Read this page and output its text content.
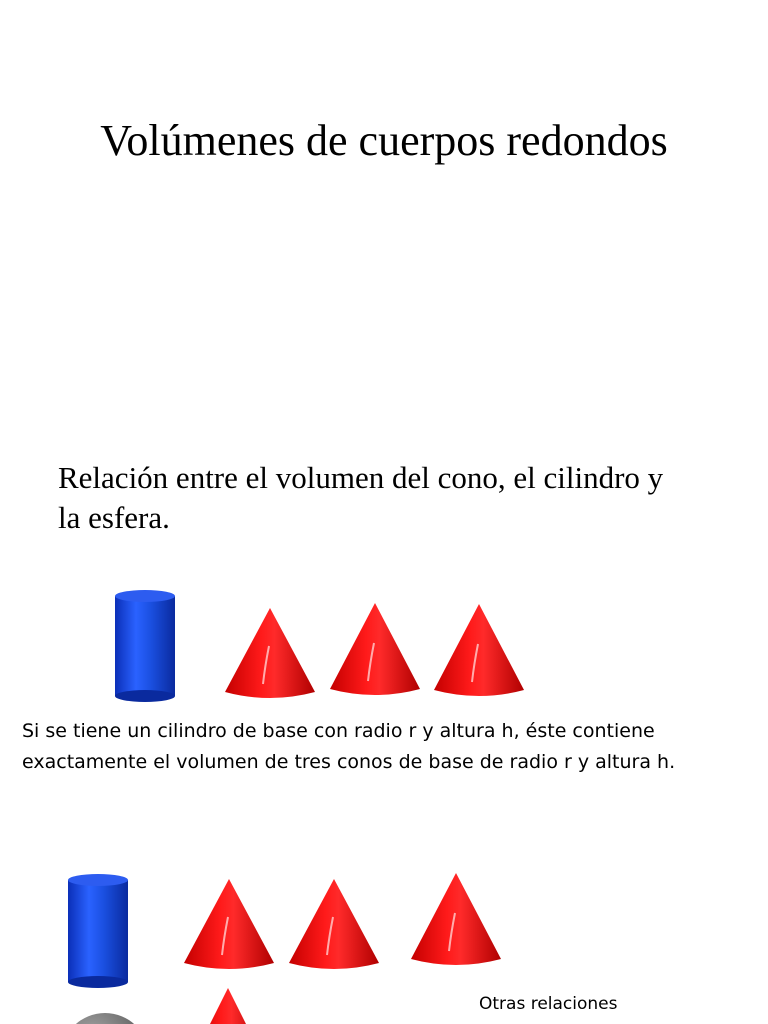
Volúmenes de cuerpos redondos

Relación entre el volumen del cono, el cilindro y la esfera.

Si se tiene un cilindro de base con radio r y altura h, éste contiene exactamente el volumen de tres conos de base de radio r y altura h.

Otras relaciones
